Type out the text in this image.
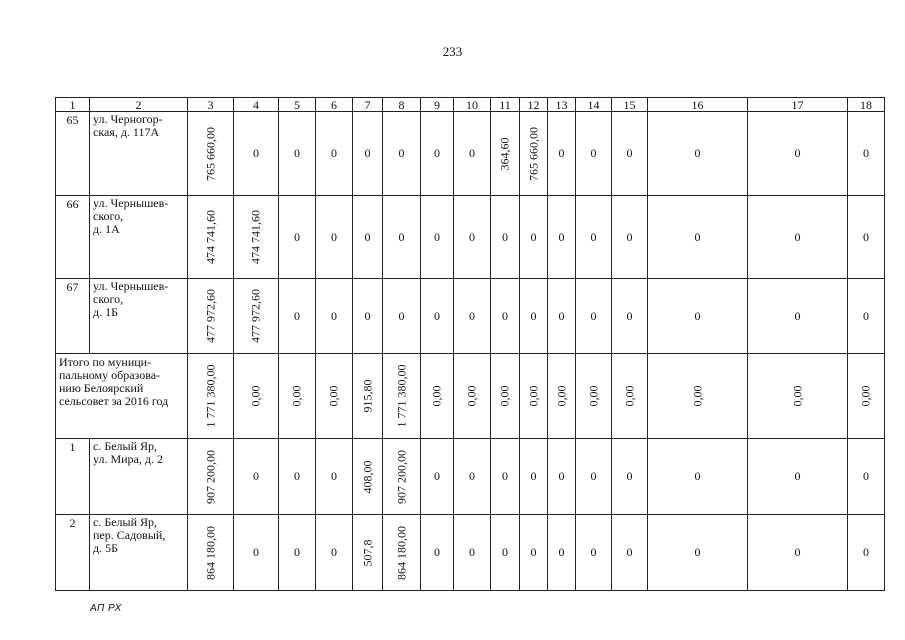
233
1	2	3	4	5	6	7	8	9	10	11	12	13	14	15	16	17	18
65	ул. Черногор-
ская, д. 117А	765 660,00	0	0	0	0	0	0	0	364,60	765 660,00	0	0	0	0	0	0
66	ул. Чернышев-
ского,
д. 1А	474 741,60	474 741,60	0	0	0	0	0	0	0	0	0	0	0	0	0	0
67	ул. Чернышев-
ского,
д. 1Б	477 972,60	477 972,60	0	0	0	0	0	0	0	0	0	0	0	0	0	0
Итого по муници-
пальному образова-
нию Белоярский
сельсовет за 2016 год		1 771 380,00	0,00	0,00	0,00	915,80	1 771 380,00	0,00	0,00	0,00	0,00	0,00	0,00	0,00	0,00	0,00	0,00

1	с. Белый Яр,
ул. Мира, д. 2	907 200,00	0	0	0	408,00	907 200,00	0	0	0	0	0	0	0	0	0	0
2	с. Белый Яр,
пер. Садовый,
д. 5Б	864 180,00	0	0	0	507,8	864 180,00	0	0	0	0	0	0	0	0	0	0
АП РХ
